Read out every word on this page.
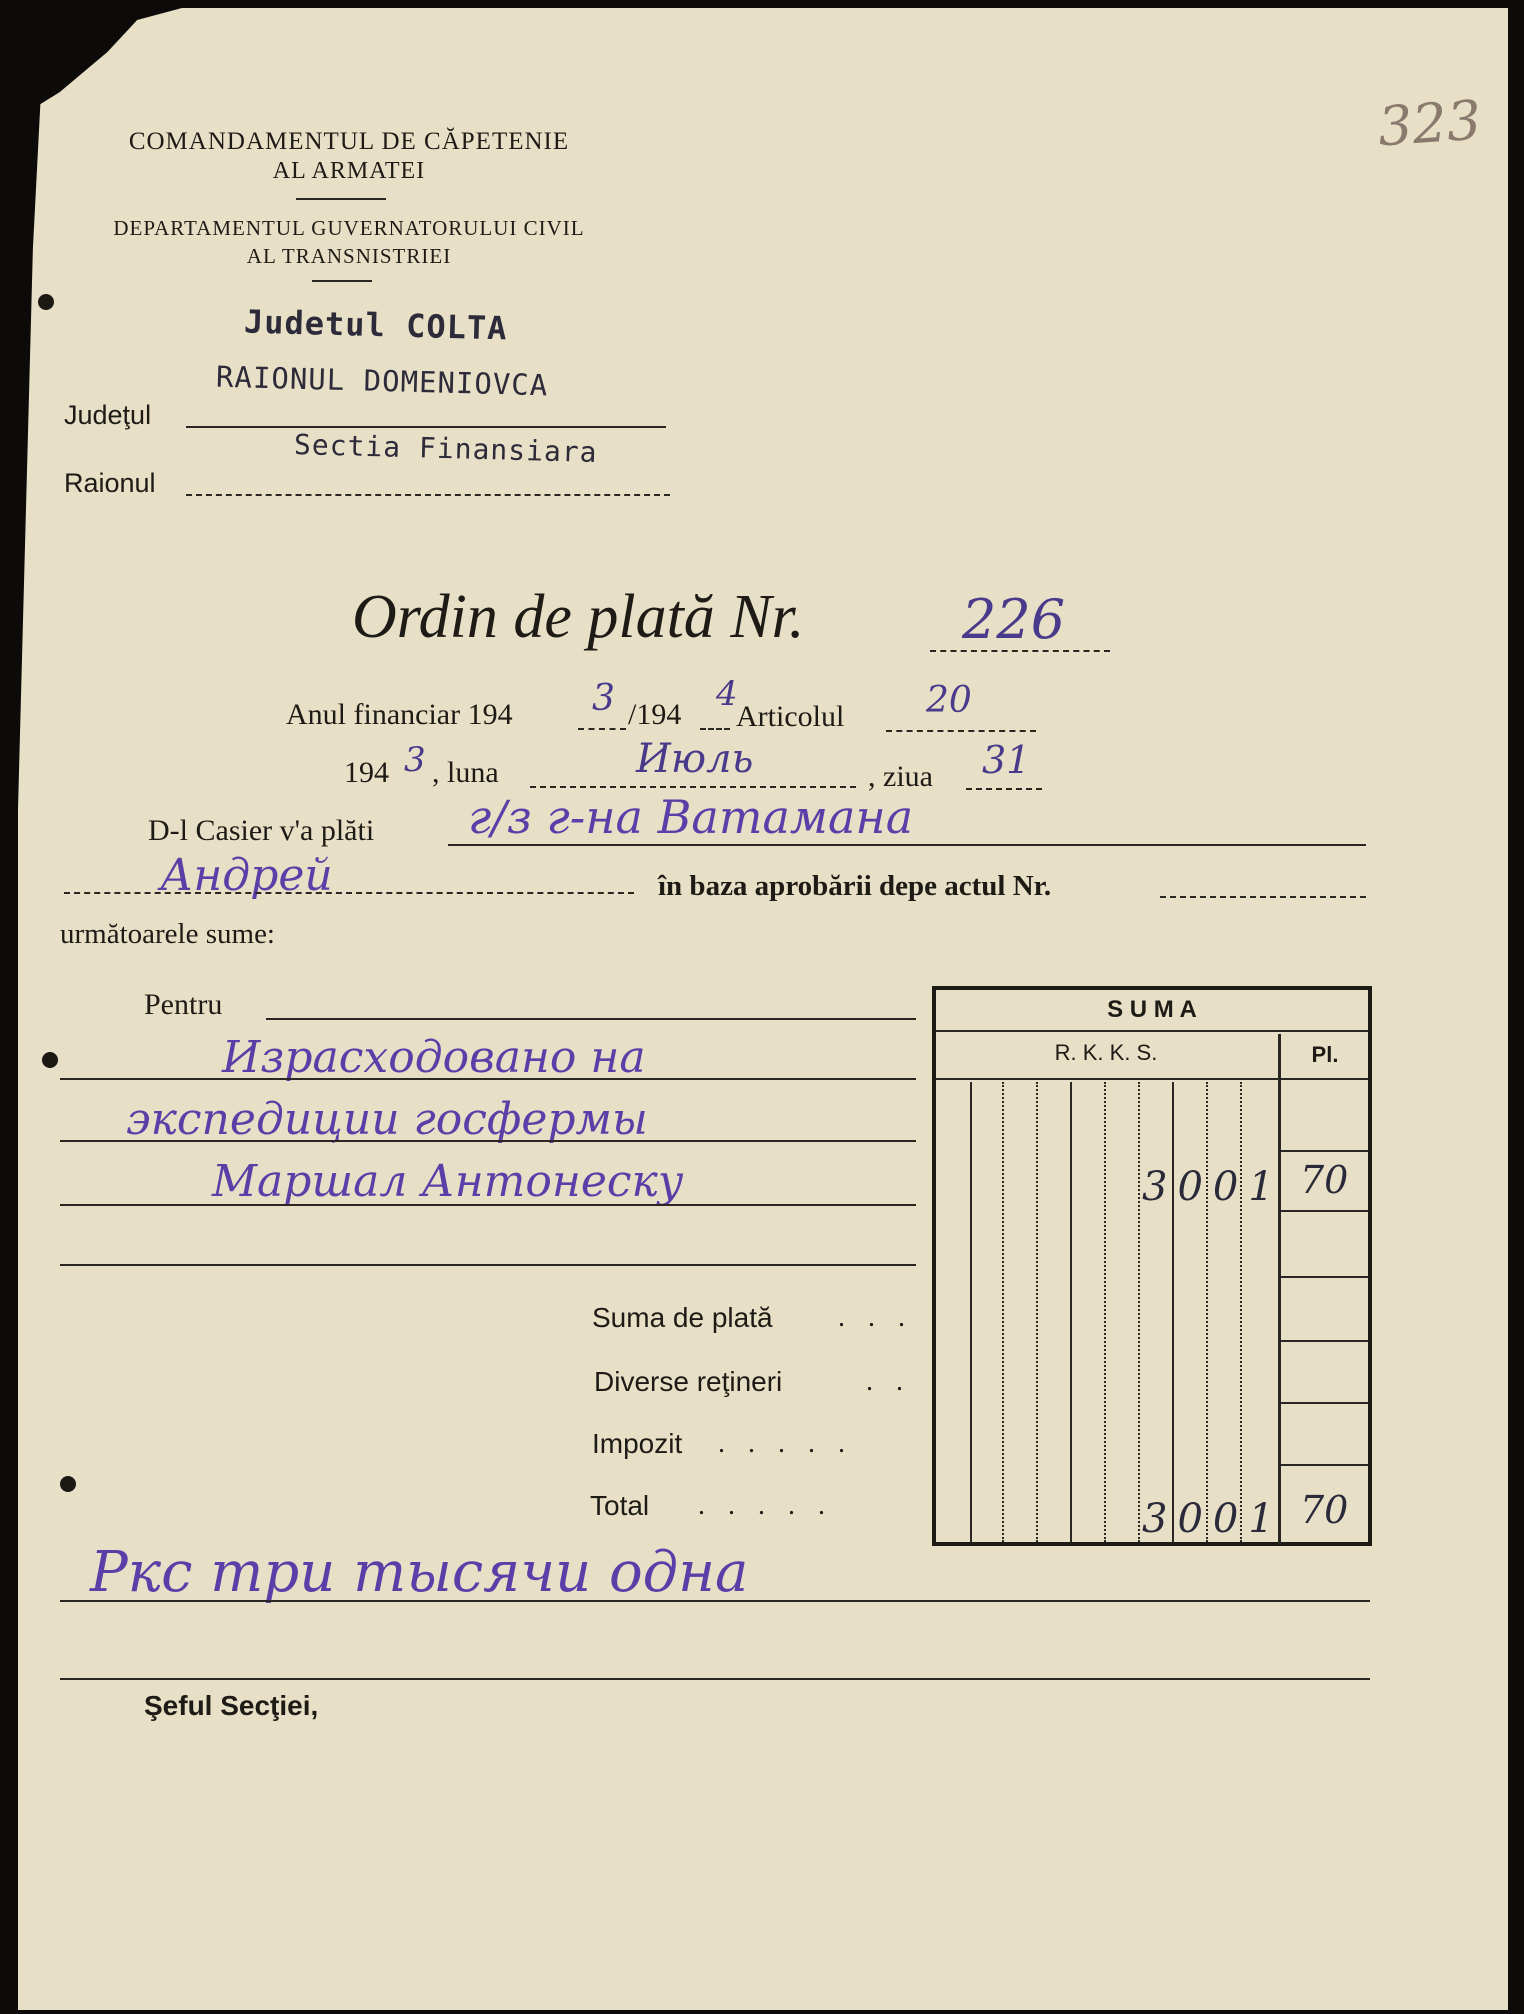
323
COMANDAMENTUL DE CĂPETENIE
AL ARMATEI
DEPARTAMENTUL GUVERNATORULUI CIVIL
AL TRANSNISTRIEI
Judetul COLTA
RAIONUL DOMENIOVCA
Sectia Finansiara
Judeţul
Raionul
Ordin de plată Nr.	226
Anul financiar 194 3 /194
4
Articolul 20
194 3 , luna	Июль	, ziua 31
D-l Casier v'a plăti г/з г-на Ватамана
Андрей	în baza aprobării depe actul Nr.
următoarele sume:
Pentru
Израсходовано на
экспедиции госфермы
Маршал Антонеску
Suma de plată . . .
Diverse reţineri	. .
Impozit . . . . .
Total . . . . .
S U M A
R. K. K. S.	Pl.
3001 70
3001 70
Ркс три тысячи одна
Şeful Secţiei,
